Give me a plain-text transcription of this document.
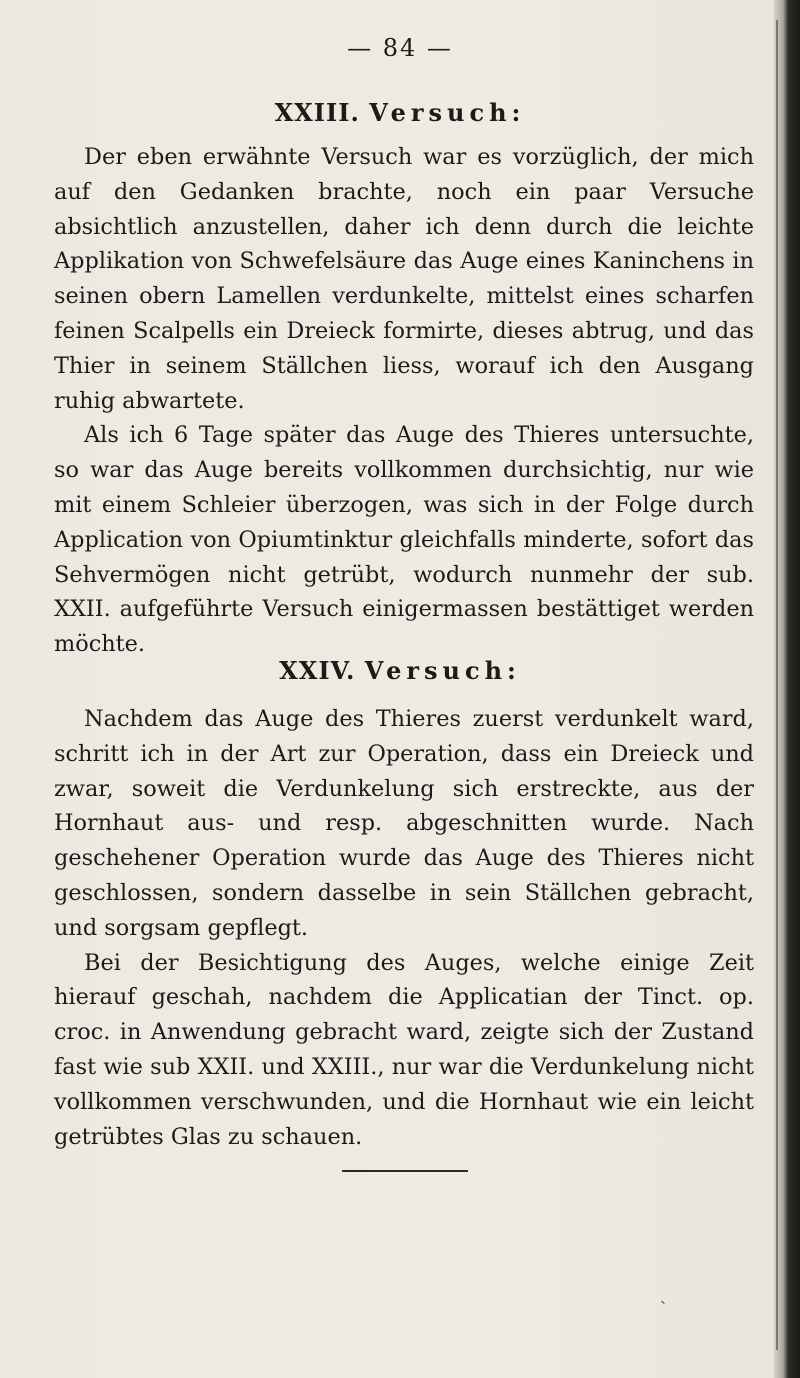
— 84 —
XXIII. Versuch:

Der eben erwähnte Versuch war es vorzüglich, der mich auf den Gedanken brachte, noch ein paar Versuche absichtlich anzustellen, daher ich denn durch die leichte Applikation von Schwefelsäure das Auge eines Kaninchens in seinen obern Lamellen verdunkelte, mittelst eines scharfen feinen Scalpells ein Dreieck formirte, dieses abtrug, und das Thier in seinem Ställchen liess, worauf ich den Ausgang ruhig abwartete.

Als ich 6 Tage später das Auge des Thieres untersuchte, so war das Auge bereits vollkommen durchsichtig, nur wie mit einem Schleier überzogen, was sich in der Folge durch Application von Opiumtinktur gleichfalls minderte, sofort das Sehvermögen nicht getrübt, wodurch nunmehr der sub. XXII. aufgeführte Versuch einigermassen bestättiget werden möchte.

XXIV. Versuch:

Nachdem das Auge des Thieres zuerst verdunkelt ward, schritt ich in der Art zur Operation, dass ein Dreieck und zwar, soweit die Verdunkelung sich erstreckte, aus der Hornhaut aus- und resp. abgeschnitten wurde. Nach geschehener Operation wurde das Auge des Thieres nicht geschlossen, sondern dasselbe in sein Ställchen gebracht, und sorgsam gepflegt.

Bei der Besichtigung des Auges, welche einige Zeit hierauf geschah, nachdem die Applicatian der Tinct. op. croc. in Anwendung gebracht ward, zeigte sich der Zustand fast wie sub XXII. und XXIII., nur war die Verdunkelung nicht vollkommen verschwunden, und die Hornhaut wie ein leicht getrübtes Glas zu schauen.

ˏ
